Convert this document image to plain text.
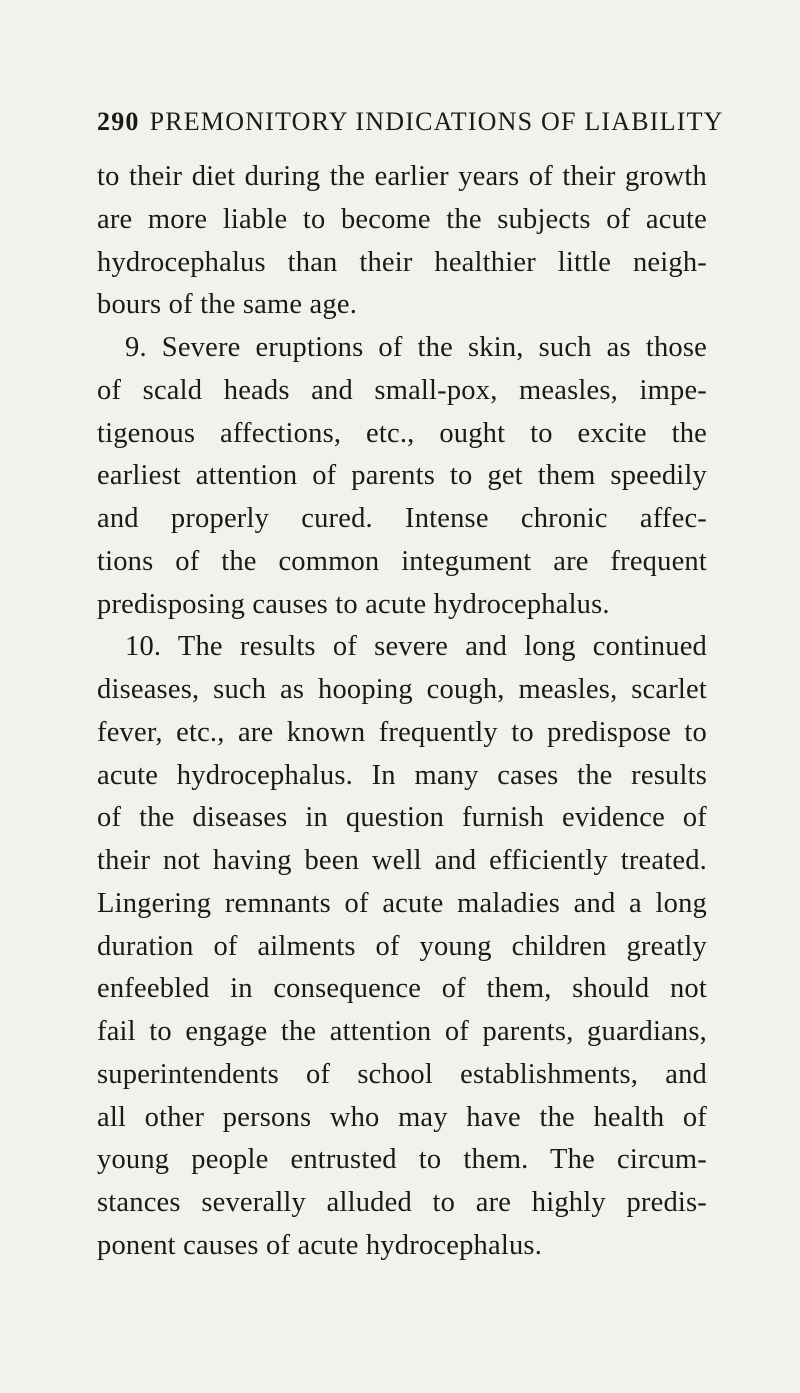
290 PREMONITORY INDICATIONS OF LIABILITY
to their diet during the earlier years of their growth
are more liable to become the subjects of acute
hydrocephalus than their healthier little neigh-
bours of the same age.
9. Severe eruptions of the skin, such as those
of scald heads and small-pox, measles, impe-
tigenous affections, etc., ought to excite the
earliest attention of parents to get them speedily
and properly cured. Intense chronic affec-
tions of the common integument are frequent
predisposing causes to acute hydrocephalus.
10. The results of severe and long continued
diseases, such as hooping cough, measles, scarlet
fever, etc., are known frequently to predispose to
acute hydrocephalus. In many cases the results
of the diseases in question furnish evidence of
their not having been well and efficiently treated.
Lingering remnants of acute maladies and a long
duration of ailments of young children greatly
enfeebled in consequence of them, should not
fail to engage the attention of parents, guardians,
superintendents of school establishments, and
all other persons who may have the health of
young people entrusted to them. The circum-
stances severally alluded to are highly predis-
ponent causes of acute hydrocephalus.
